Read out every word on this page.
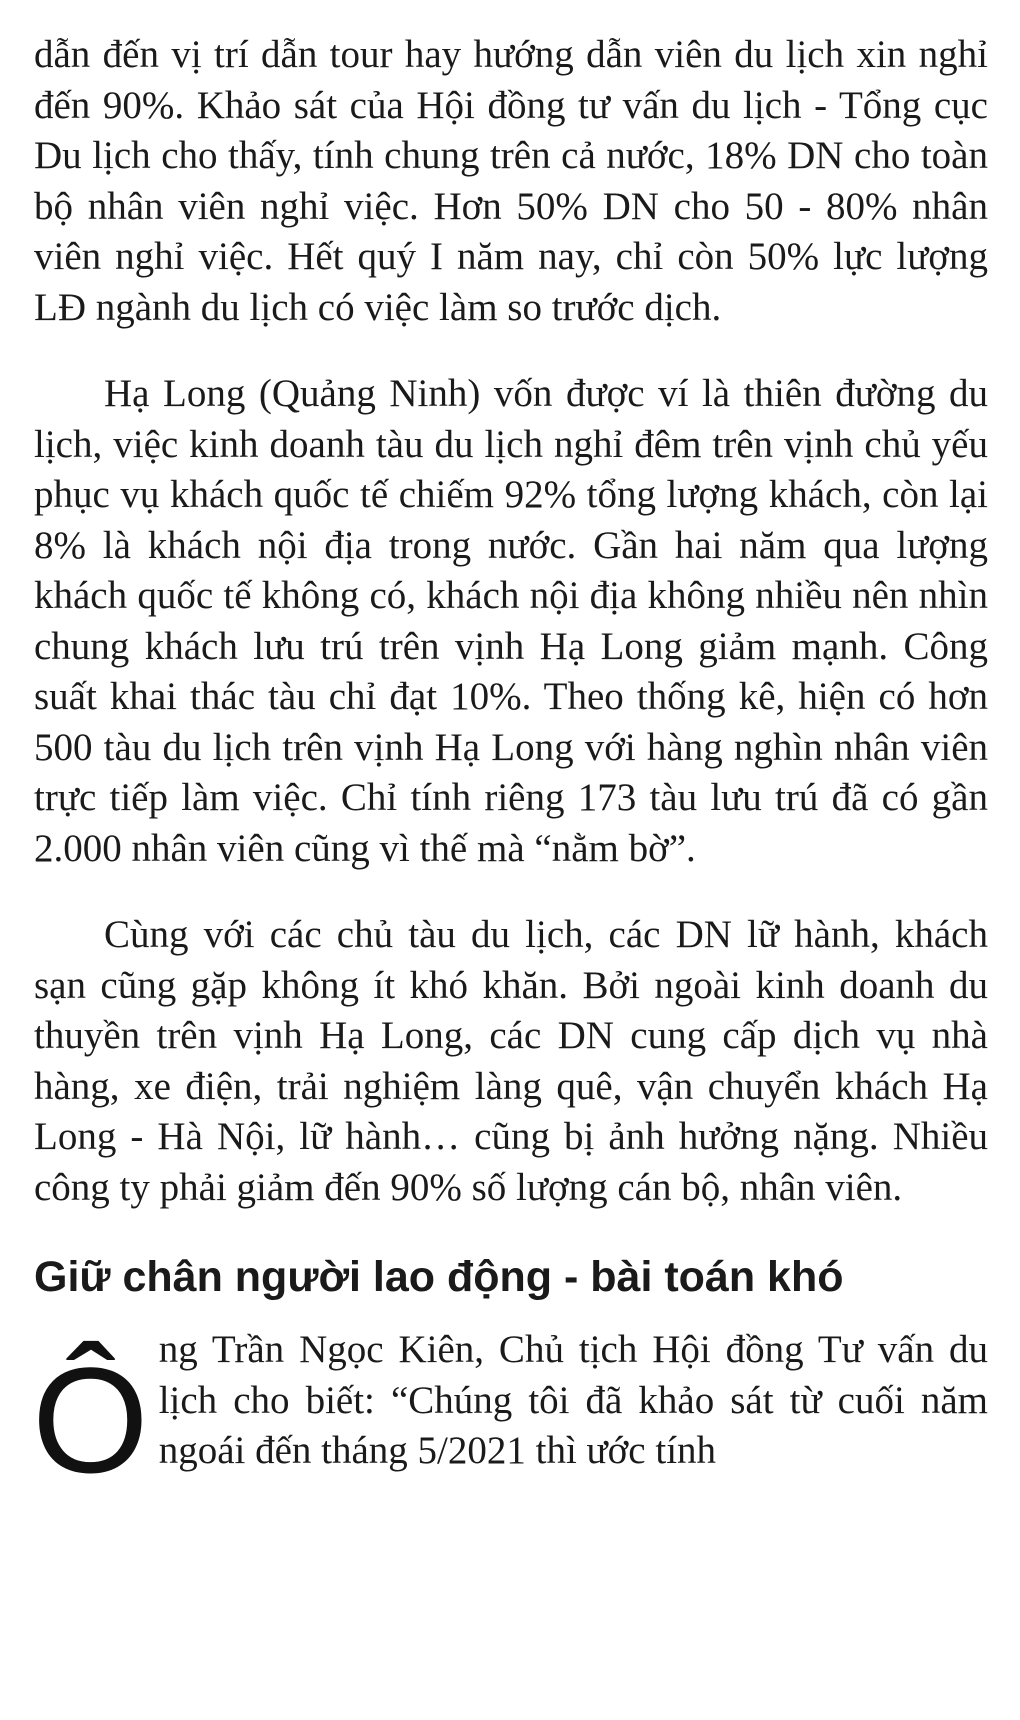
dẫn đến vị trí dẫn tour hay hướng dẫn viên du lịch xin nghỉ đến 90%. Khảo sát của Hội đồng tư vấn du lịch - Tổng cục Du lịch cho thấy, tính chung trên cả nước, 18% DN cho toàn bộ nhân viên nghỉ việc. Hơn 50% DN cho 50 - 80% nhân viên nghỉ việc. Hết quý I năm nay, chỉ còn 50% lực lượng LĐ ngành du lịch có việc làm so trước dịch.

Hạ Long (Quảng Ninh) vốn được ví là thiên đường du lịch, việc kinh doanh tàu du lịch nghỉ đêm trên vịnh chủ yếu phục vụ khách quốc tế chiếm 92% tổng lượng khách, còn lại 8% là khách nội địa trong nước. Gần hai năm qua lượng khách quốc tế không có, khách nội địa không nhiều nên nhìn chung khách lưu trú trên vịnh Hạ Long giảm mạnh. Công suất khai thác tàu chỉ đạt 10%. Theo thống kê, hiện có hơn 500 tàu du lịch trên vịnh Hạ Long với hàng nghìn nhân viên trực tiếp làm việc. Chỉ tính riêng 173 tàu lưu trú đã có gần 2.000 nhân viên cũng vì thế mà “nằm bờ”.

Cùng với các chủ tàu du lịch, các DN lữ hành, khách sạn cũng gặp không ít khó khăn. Bởi ngoài kinh doanh du thuyền trên vịnh Hạ Long, các DN cung cấp dịch vụ nhà hàng, xe điện, trải nghiệm làng quê, vận chuyển khách Hạ Long - Hà Nội, lữ hành… cũng bị ảnh hưởng nặng. Nhiều công ty phải giảm đến 90% số lượng cán bộ, nhân viên.

Giữ chân người lao động - bài toán khó

Ô ng Trần Ngọc Kiên, Chủ tịch Hội đồng Tư vấn du lịch cho biết: “Chúng tôi đã khảo sát từ cuối năm ngoái đến tháng 5/2021 thì ước tính
